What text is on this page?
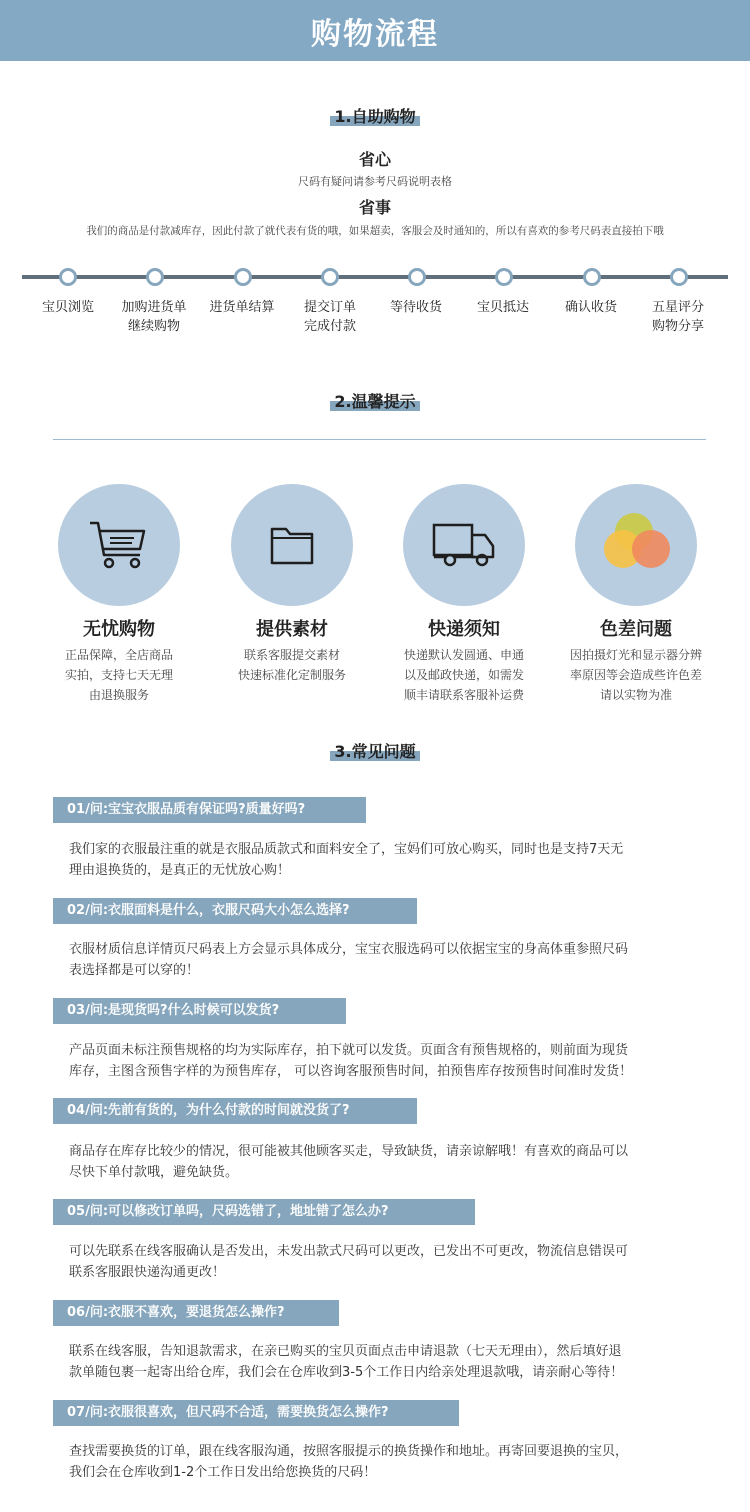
购物流程
1.自助购物
省心
尺码有疑问请参考尺码说明表格
省事
我们的商品是付款减库存，因此付款了就代表有货的哦，如果超卖，客服会及时通知的，所以有喜欢的参考尺码表直接拍下哦
宝贝浏览	加购进货单
继续购物
进货单结算	提交订单
完成付款
等待收货	宝贝抵达	确认收货	五星评分
购物分享
2.温馨提示
无忧购物
正品保障，全店商品
实拍，支持七天无理
由退换服务
提供素材
联系客服提交素材
快速标准化定制服务
快递须知
快递默认发圆通、申通
以及邮政快递，如需发
顺丰请联系客服补运费
色差问题
因拍摄灯光和显示器分辨
率原因等会造成些许色差
请以实物为准
3.常见问题
01/问:宝宝衣服品质有保证吗?质量好吗?
我们家的衣服最注重的就是衣服品质款式和面料安全了，宝妈们可放心购买，同时也是支持7天无
理由退换货的，是真正的无忧放心购！
02/问:衣服面料是什么，衣服尺码大小怎么选择?
衣服材质信息详情页尺码表上方会显示具体成分，宝宝衣服选码可以依据宝宝的身高体重参照尺码
表选择都是可以穿的！
03/问:是现货吗?什么时候可以发货?
产品页面未标注预售规格的均为实际库存，拍下就可以发货。页面含有预售规格的，则前面为现货
库存，主图含预售字样的为预售库存， 可以咨询客服预售时间，拍预售库存按预售时间准时发货！
04/问:先前有货的，为什么付款的时间就没货了?
商品存在库存比较少的情况，很可能被其他顾客买走，导致缺货，请亲谅解哦！有喜欢的商品可以
尽快下单付款哦，避免缺货。
05/问:可以修改订单吗，尺码选错了，地址错了怎么办?
可以先联系在线客服确认是否发出，未发出款式尺码可以更改，已发出不可更改，物流信息错误可
联系客服跟快递沟通更改！
06/问:衣服不喜欢，要退货怎么操作?
联系在线客服，告知退款需求，在亲已购买的宝贝页面点击申请退款（七天无理由），然后填好退
款单随包裹一起寄出给仓库，我们会在仓库收到3-5个工作日内给亲处理退款哦，请亲耐心等待！
07/问:衣服很喜欢，但尺码不合适，需要换货怎么操作?
查找需要换货的订单，跟在线客服沟通，按照客服提示的换货操作和地址。再寄回要退换的宝贝，
我们会在仓库收到1-2个工作日发出给您换货的尺码！
